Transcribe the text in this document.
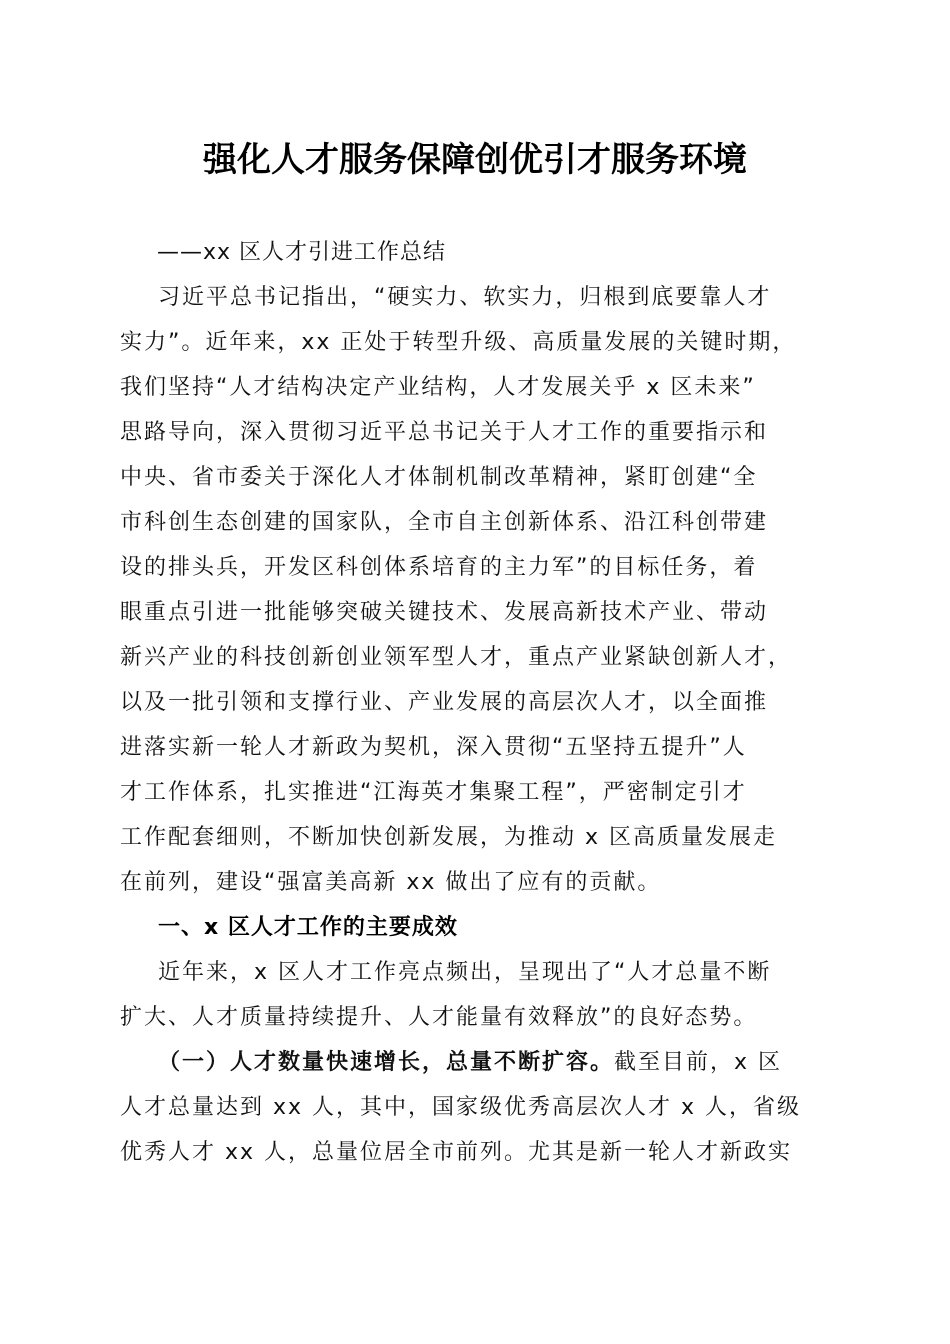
强化人才服务保障创优引才服务环境
——xx 区人才引进工作总结
习近平总书记指出，“硬实力、软实力，归根到底要靠人才
实力”。近年来，xx 正处于转型升级、高质量发展的关键时期，
我们坚持“人才结构决定产业结构，人才发展关乎 x 区未来”
思路导向，深入贯彻习近平总书记关于人才工作的重要指示和
中央、省市委关于深化人才体制机制改革精神，紧盯创建“全
市科创生态创建的国家队，全市自主创新体系、沿江科创带建
设的排头兵，开发区科创体系培育的主力军”的目标任务，着
眼重点引进一批能够突破关键技术、发展高新技术产业、带动
新兴产业的科技创新创业领军型人才，重点产业紧缺创新人才，
以及一批引领和支撑行业、产业发展的高层次人才，以全面推
进落实新一轮人才新政为契机，深入贯彻“五坚持五提升”人
才工作体系，扎实推进“江海英才集聚工程”，严密制定引才
工作配套细则，不断加快创新发展，为推动 x 区高质量发展走
在前列，建设“强富美高新 xx 做出了应有的贡献。
一、x 区人才工作的主要成效
近年来，x 区人才工作亮点频出，呈现出了“人才总量不断
扩大、人才质量持续提升、人才能量有效释放”的良好态势。
（一）人才数量快速增长，总量不断扩容。截至目前，x 区
人才总量达到 xx 人，其中，国家级优秀高层次人才 x 人，省级
优秀人才 xx 人，总量位居全市前列。尤其是新一轮人才新政实
